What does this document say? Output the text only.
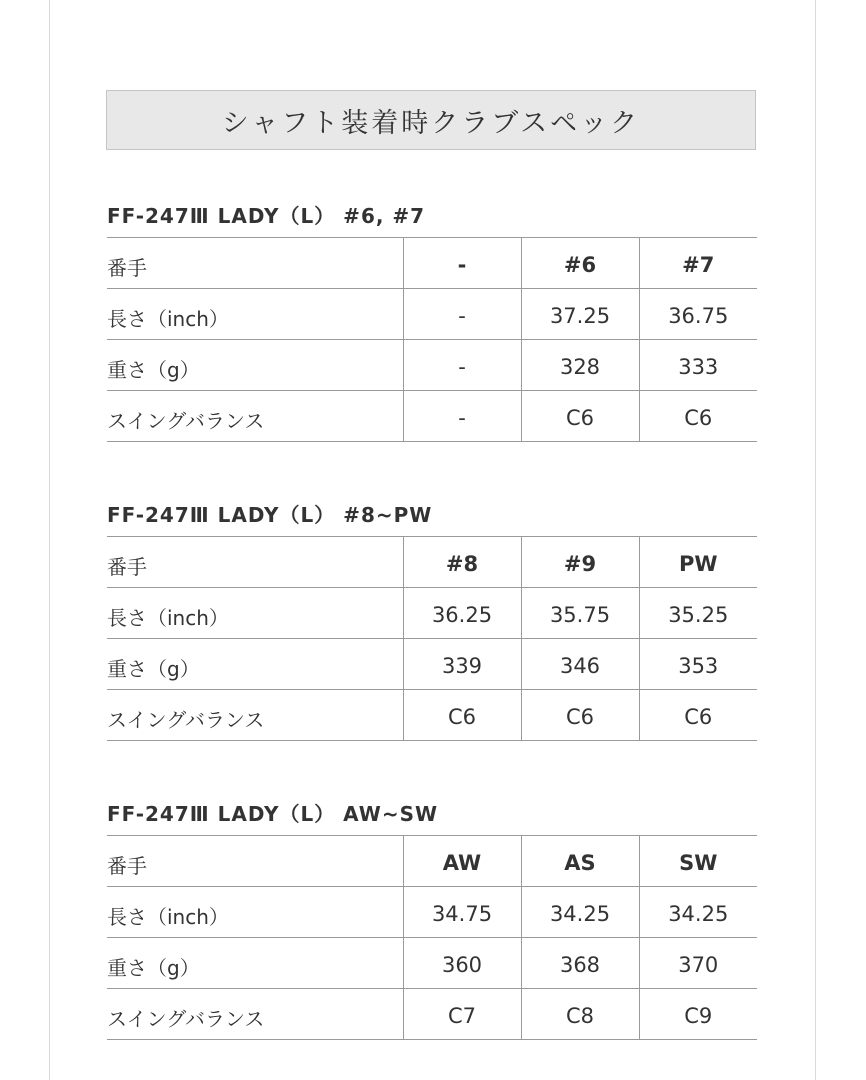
シャフト装着時クラブスペック
FF-247Ⅲ LADY（L） #6, #7
番手	-	#6	#7
長さ（inch）	-	37.25	36.75
重さ（g）	-	328	333
スイングバランス	-	C6	C6
FF-247Ⅲ LADY（L） #8~PW
番手	#8	#9	PW
長さ（inch）	36.25	35.75	35.25
重さ（g）	339	346	353
スイングバランス	C6	C6	C6
FF-247Ⅲ LADY（L） AW~SW
番手	AW	AS	SW
長さ（inch）	34.75	34.25	34.25
重さ（g）	360	368	370
スイングバランス	C7	C8	C9
